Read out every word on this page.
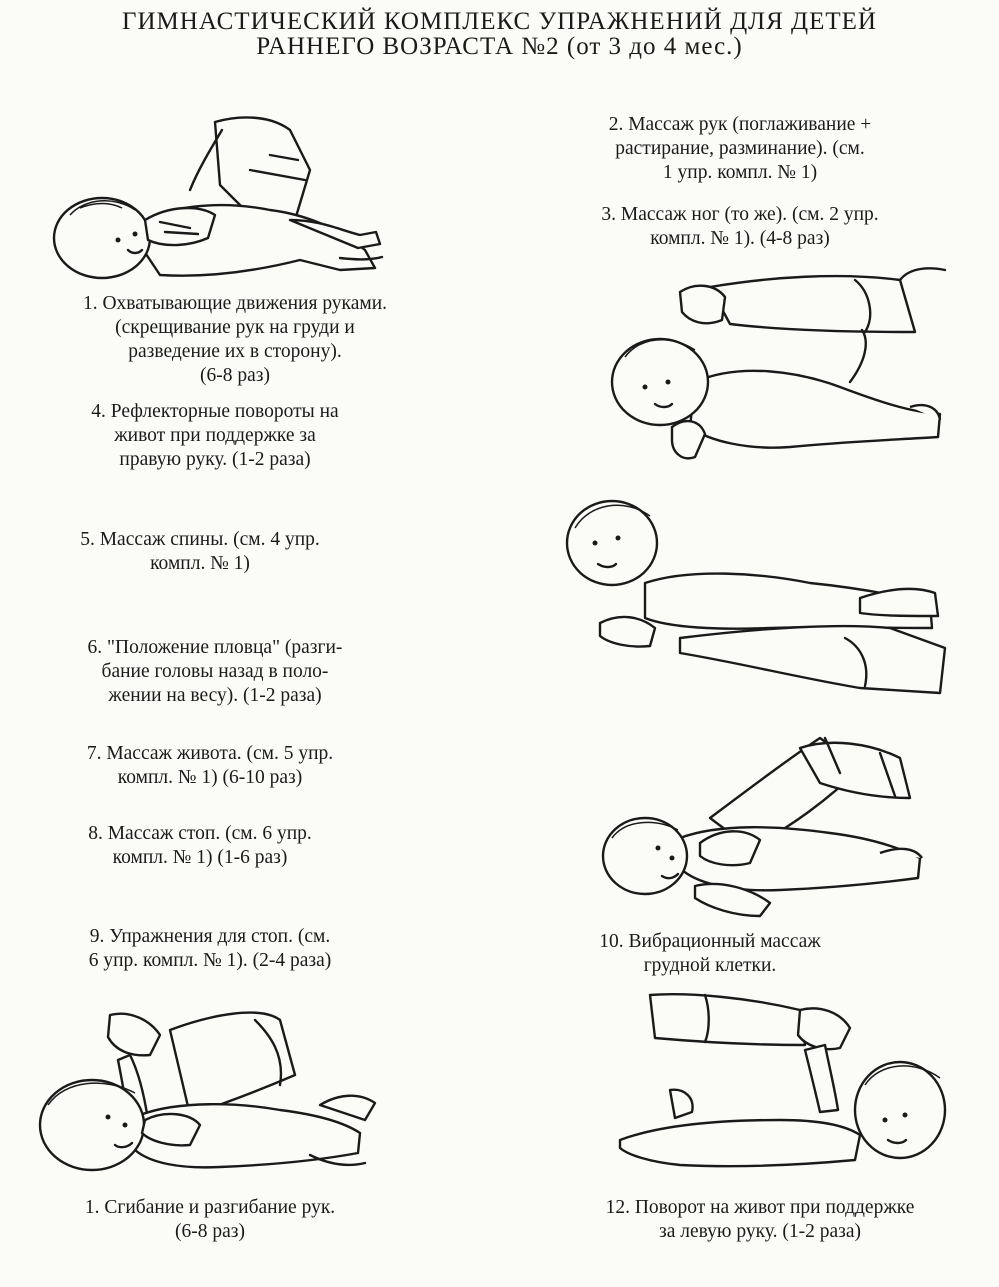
ГИМНАСТИЧЕСКИЙ КОМПЛЕКС УПРАЖНЕНИЙ ДЛЯ ДЕТЕЙ
РАННЕГО ВОЗРАСТА №2 (от 3 до 4 мес.)
1. Охватывающие движения руками.
(скрещивание рук на груди и
разведение их в сторону).
(6-8 раз)
2. Массаж рук (поглаживание +
растирание, разминание). (см.
1 упр. компл. № 1)
3. Массаж ног (то же). (см. 2 упр.
компл. № 1). (4-8 раз)
4. Рефлекторные повороты на
живот при поддержке за
правую руку. (1-2 раза)
5. Массаж спины. (см. 4 упр.
компл. № 1)
6. "Положение пловца" (разги-
бание головы назад в поло-
жении на весу). (1-2 раза)
7. Массаж живота. (см. 5 упр.
компл. № 1) (6-10 раз)
8. Массаж стоп. (см. 6 упр.
компл. № 1) (1-6 раз)
9. Упражнения для стоп. (см.
6 упр. компл. № 1). (2-4 раза)
10. Вибрационный массаж
грудной клетки.
1. Сгибание и разгибание рук.
(6-8 раз)
12. Поворот на живот при поддержке
за левую руку. (1-2 раза)
